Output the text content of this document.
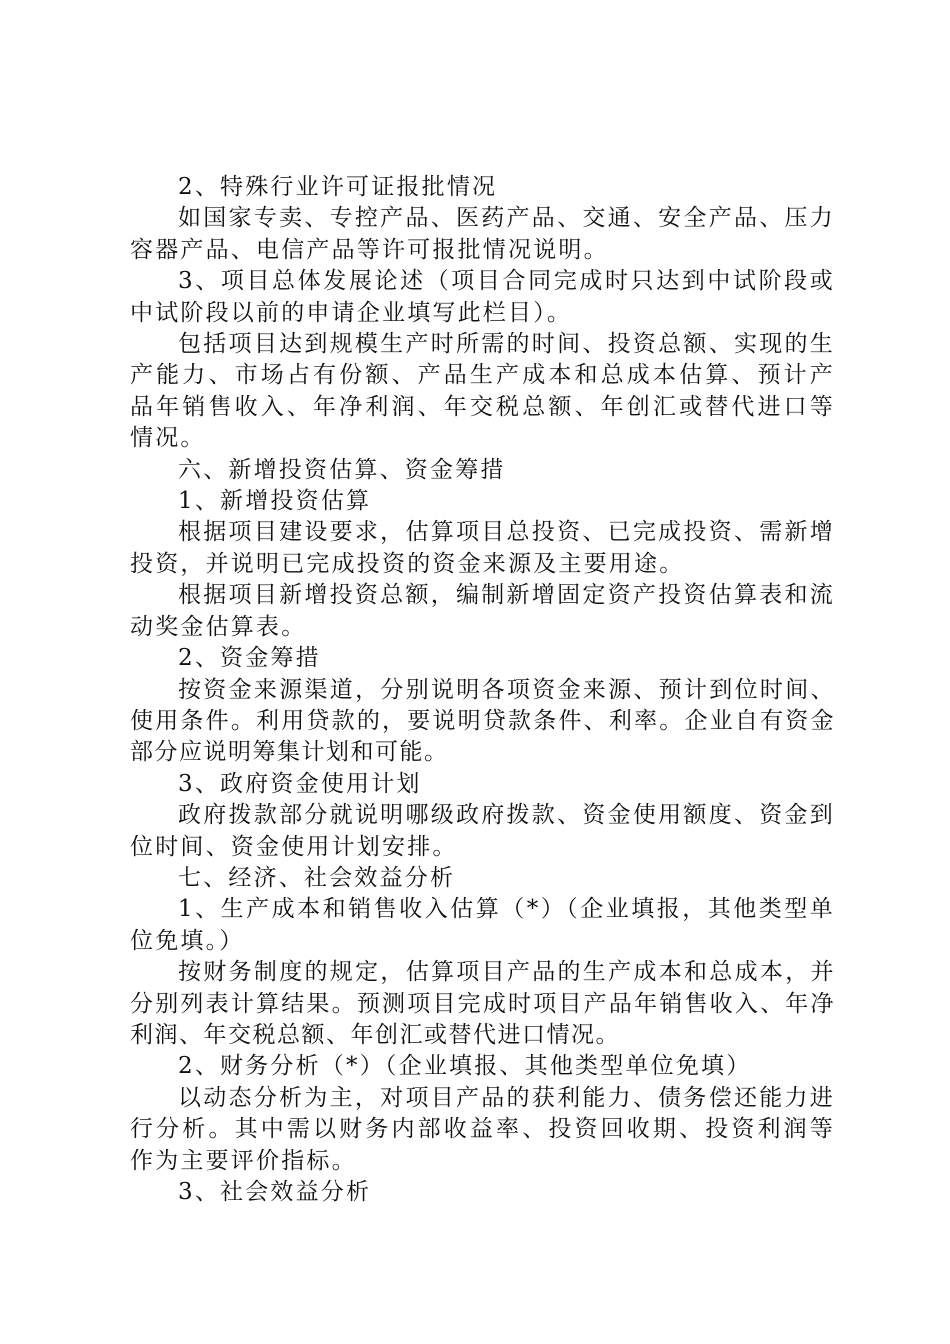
2、特殊行业许可证报批情况

如国家专卖、专控产品、医药产品、交通、安全产品、压力容器产品、电信产品等许可报批情况说明。

3、项目总体发展论述（项目合同完成时只达到中试阶段或中试阶段以前的申请企业填写此栏目）。

包括项目达到规模生产时所需的时间、投资总额、实现的生产能力、市场占有份额、产品生产成本和总成本估算、预计产品年销售收入、年净利润、年交税总额、年创汇或替代进口等情况。

六、新增投资估算、资金筹措

1、新增投资估算

根据项目建设要求，估算项目总投资、已完成投资、需新增投资，并说明已完成投资的资金来源及主要用途。

根据项目新增投资总额，编制新增固定资产投资估算表和流动奖金估算表。

2、资金筹措

按资金来源渠道，分别说明各项资金来源、预计到位时间、使用条件。利用贷款的，要说明贷款条件、利率。企业自有资金部分应说明筹集计划和可能。

3、政府资金使用计划

政府拨款部分就说明哪级政府拨款、资金使用额度、资金到位时间、资金使用计划安排。

七、经济、社会效益分析

1、生产成本和销售收入估算（*）（企业填报，其他类型单位免填。）

按财务制度的规定，估算项目产品的生产成本和总成本，并分别列表计算结果。预测项目完成时项目产品年销售收入、年净利润、年交税总额、年创汇或替代进口情况。

2、财务分析（*）（企业填报、其他类型单位免填）

以动态分析为主，对项目产品的获利能力、债务偿还能力进行分析。其中需以财务内部收益率、投资回收期、投资利润等作为主要评价指标。

3、社会效益分析
